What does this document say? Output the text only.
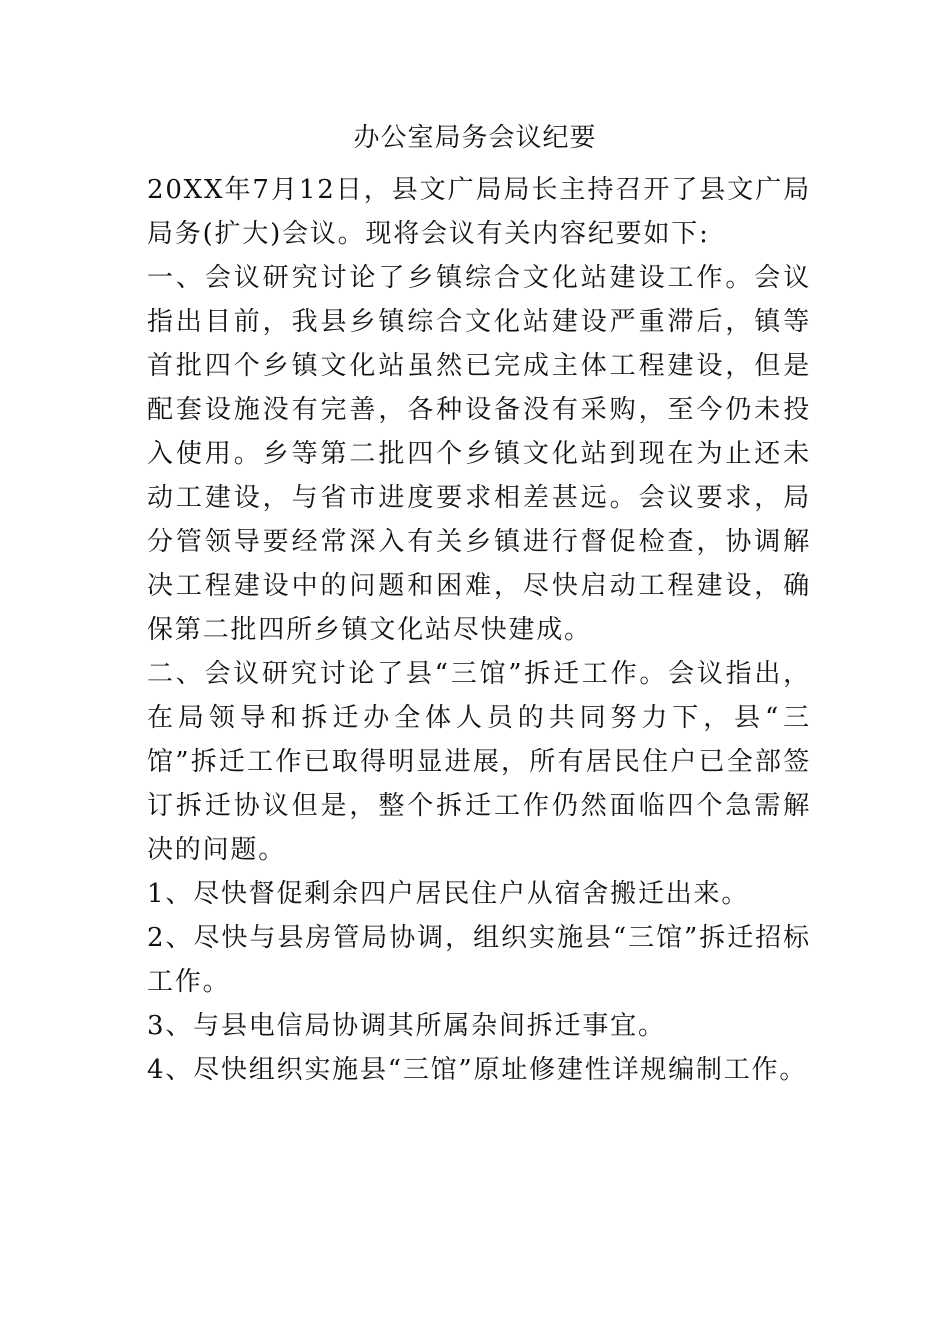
办公室局务会议纪要

20XX年7月12日，县文广局局长主持召开了县文广局局务(扩大)会议。现将会议有关内容纪要如下:

一、会议研究讨论了乡镇综合文化站建设工作。会议指出目前，我县乡镇综合文化站建设严重滞后，镇等首批四个乡镇文化站虽然已完成主体工程建设，但是配套设施没有完善，各种设备没有采购，至今仍未投入使用。乡等第二批四个乡镇文化站到现在为止还未动工建设，与省市进度要求相差甚远。会议要求，局分管领导要经常深入有关乡镇进行督促检查，协调解决工程建设中的问题和困难，尽快启动工程建设，确保第二批四所乡镇文化站尽快建成。

二、会议研究讨论了县“三馆”拆迁工作。会议指出，在局领导和拆迁办全体人员的共同努力下，县“三馆”拆迁工作已取得明显进展，所有居民住户已全部签订拆迁协议但是，整个拆迁工作仍然面临四个急需解决的问题。

1、尽快督促剩余四户居民住户从宿舍搬迁出来。

2、尽快与县房管局协调，组织实施县“三馆”拆迁招标工作。

3、与县电信局协调其所属杂间拆迁事宜。

4、尽快组织实施县“三馆”原址修建性详规编制工作。
